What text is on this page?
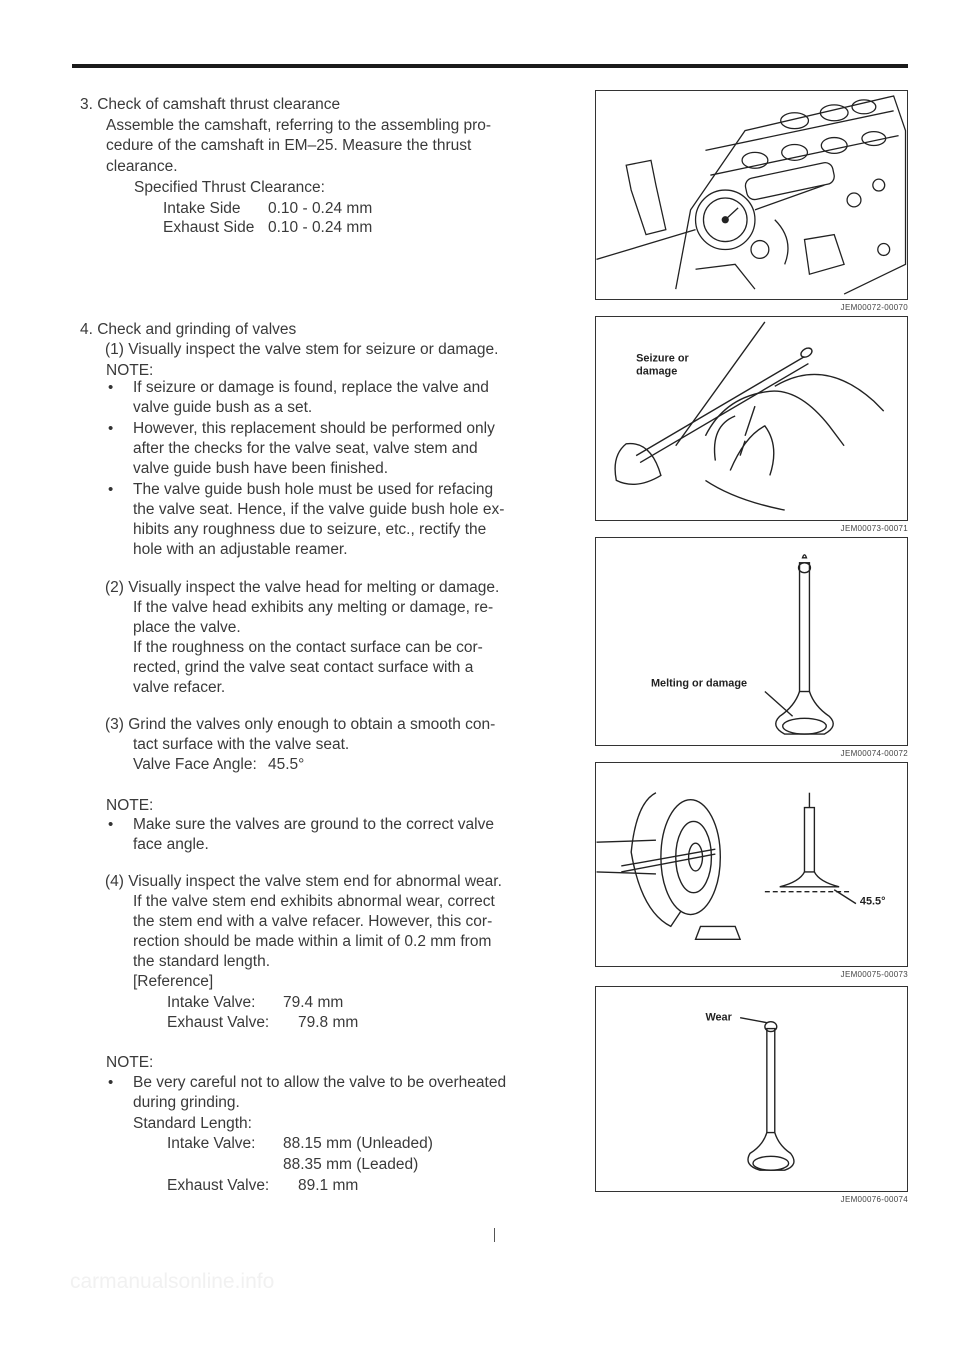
3. Check of camshaft thrust clearance
Assemble the camshaft, referring to the assembling pro-
cedure of the camshaft in EM–25. Measure the thrust
clearance.
Specified Thrust Clearance:
Intake Side 0.10 - 0.24 mm
Exhaust Side 0.10 - 0.24 mm
4. Check and grinding of valves
(1) Visually inspect the valve stem for seizure or damage.
NOTE:
• If seizure or damage is found, replace the valve and
valve guide bush as a set.
• However, this replacement should be performed only
after the checks for the valve seat, valve stem and
valve guide bush have been finished.
• The valve guide bush hole must be used for refacing
the valve seat. Hence, if the valve guide bush hole ex-
hibits any roughness due to seizure, etc., rectify the
hole with an adjustable reamer.
(2) Visually inspect the valve head for melting or damage.
If the valve head exhibits any melting or damage, re-
place the valve.
If the roughness on the contact surface can be cor-
rected, grind the valve seat contact surface with a
valve refacer.
(3) Grind the valves only enough to obtain a smooth con-
tact surface with the valve seat.
Valve Face Angle: 45.5°
NOTE:
• Make sure the valves are ground to the correct valve
face angle.
(4) Visually inspect the valve stem end for abnormal wear.
If the valve stem end exhibits abnormal wear, correct
the stem end with a valve refacer. However, this cor-
rection should be made within a limit of 0.2 mm from
the standard length.
[Reference]
Intake Valve: 79.4 mm
Exhaust Valve: 79.8 mm
NOTE:
• Be very careful not to allow the valve to be overheated
during grinding.
Standard Length:
Intake Valve: 88.15 mm (Unleaded)
88.35 mm (Leaded)
Exhaust Valve: 89.1 mm
JEM00072-00070
Seizure or
damage
JEM00073-00071
Melting or damage
JEM00074-00072
45.5°
JEM00075-00073
Wear
JEM00076-00074
carmanualsonline.info
